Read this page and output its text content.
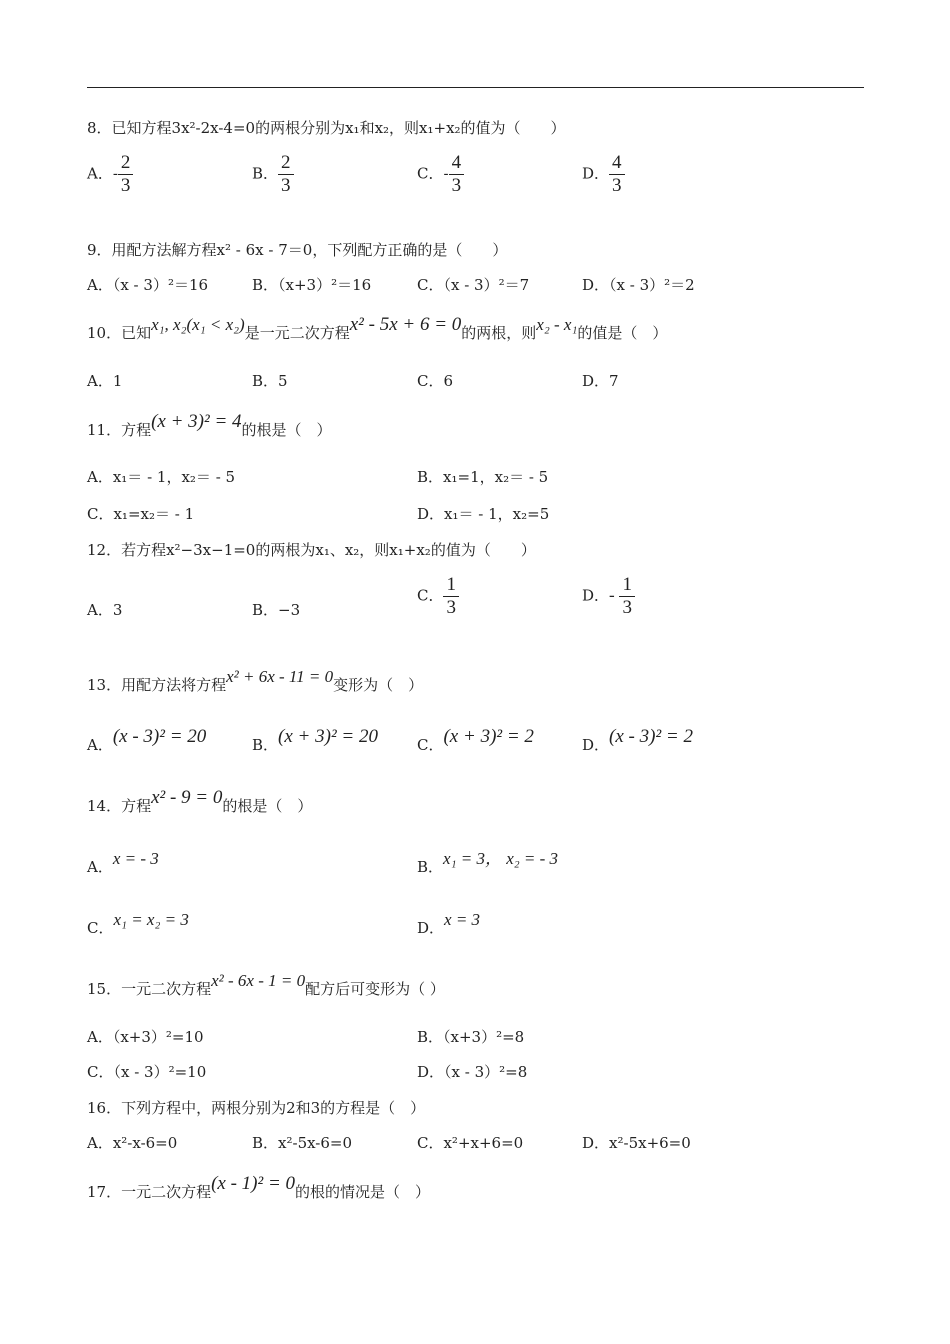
8．已知方程3x²-2x-4=0的两根分别为x₁和x₂，则x₁+x₂的值为（　　）
A．- $\frac{2}{3}$	B． $\frac{2}{3}$	C．- $\frac{4}{3}$	D． $\frac{4}{3}$
9．用配方法解方程x² - 6x - 7＝0，下列配方正确的是（　　）
A．（x - 3）²＝16	B．（x+3）²＝16	C．（x - 3）²＝7	D．（x - 3）²＝2
10．已知x₁, x₂(x₁ < x₂)是一元二次方程x² - 5x + 6 = 0的两根，则x₂ - x₁的值是（　）
A．1	B．5	C．6	D．7
11．方程(x + 3)² = 4的根是（　）
A．x₁＝ - 1，x₂＝ - 5	B．x₁=1，x₂＝ - 5
C．x₁=x₂＝ - 1	D．x₁＝ - 1，x₂=5
12．若方程x²−3x−1=0的两根为x₁、x₂，则x₁+x₂的值为（　　）
A．3	B．−3
C． $\frac{1}{3}$	D．- $\frac{1}{3}$
13．用配方法将方程x² + 6x - 11 = 0变形为（　）
A．(x - 3)² = 20	B．(x + 3)² = 20	C．(x + 3)² = 2	D．(x - 3)² = 2
14．方程x² - 9 = 0的根是（　）
A．x = - 3	B．x₁ = 3， x₂ = - 3
C．x₁ = x₂ = 3	D．x = 3
15．一元二次方程x² - 6x - 1 = 0配方后可变形为（ ）
A．（x+3）²=10	B．（x+3）²=8
C．（x - 3）²=10	D．（x - 3）²=8
16．下列方程中，两根分别为2和3的方程是（　）
A．x²-x-6=0	B．x²-5x-6=0	C．x²+x+6=0	D．x²-5x+6=0
17．一元二次方程(x - 1)² = 0的根的情况是（　）
